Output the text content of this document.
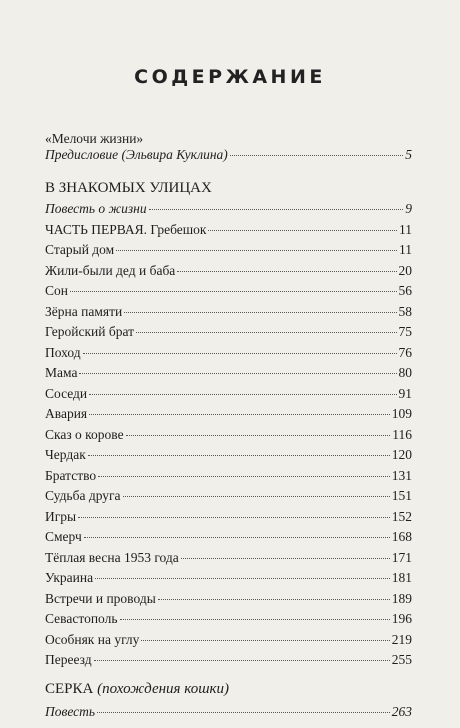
СОДЕРЖАНИЕ
«Мелочи жизни»
Предисловие (Эльвира Куклина)	5
В ЗНАКОМЫХ УЛИЦАХ
Повесть о жизни	9
ЧАСТЬ ПЕРВАЯ. Гребешок	11
Старый дом	11
Жили-были дед и баба	20
Сон	56
Зёрна памяти	58
Геройский брат	75
Поход	76
Мама	80
Соседи	91
Авария	109
Сказ о корове	116
Чердак	120
Братство	131
Судьба друга	151
Игры	152
Смерч	168
Тёплая весна 1953 года	171
Украина	181
Встречи и проводы	189
Севастополь	196
Особняк на углу	219
Переезд	255
СЕРКА (похождения кошки)
Повесть	263
